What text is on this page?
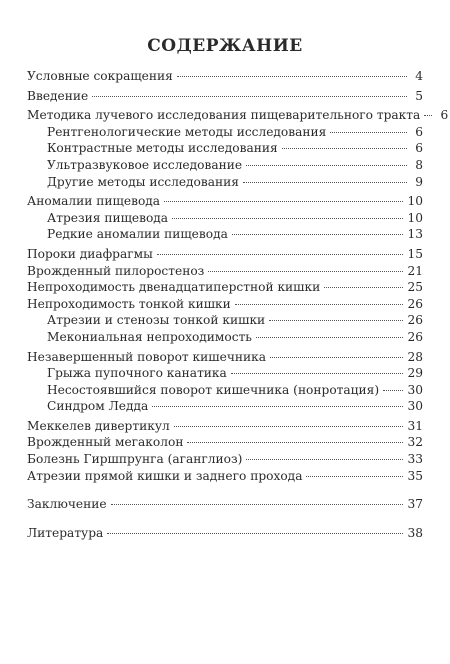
СОДЕРЖАНИЕ
Условные сокращения	4
Введение	5
Методика лучевого исследования пищеварительного тракта	6
Рентгенологические методы исследования	6
Контрастные методы исследования	6
Ультразвуковое исследование	8
Другие методы исследования	9
Аномалии пищевода	10
Атрезия пищевода	10
Редкие аномалии пищевода	13
Пороки диафрагмы	15
Врожденный пилоростеноз	21
Непроходимость двенадцатиперстной кишки	25
Непроходимость тонкой кишки	26
Атрезии и стенозы тонкой кишки	26
Мекониальная непроходимость	26
Незавершенный поворот кишечника	28
Грыжа пупочного канатика	29
Несостоявшийся поворот кишечника (нонротация) 30
Синдром Ледда	30
Меккелев дивертикул	31
Врожденный мегаколон	32
Болезнь Гиршпрунга (аганглиоз)	33
Атрезии прямой кишки и заднего прохода	35
Заключение	37
Литература	38
